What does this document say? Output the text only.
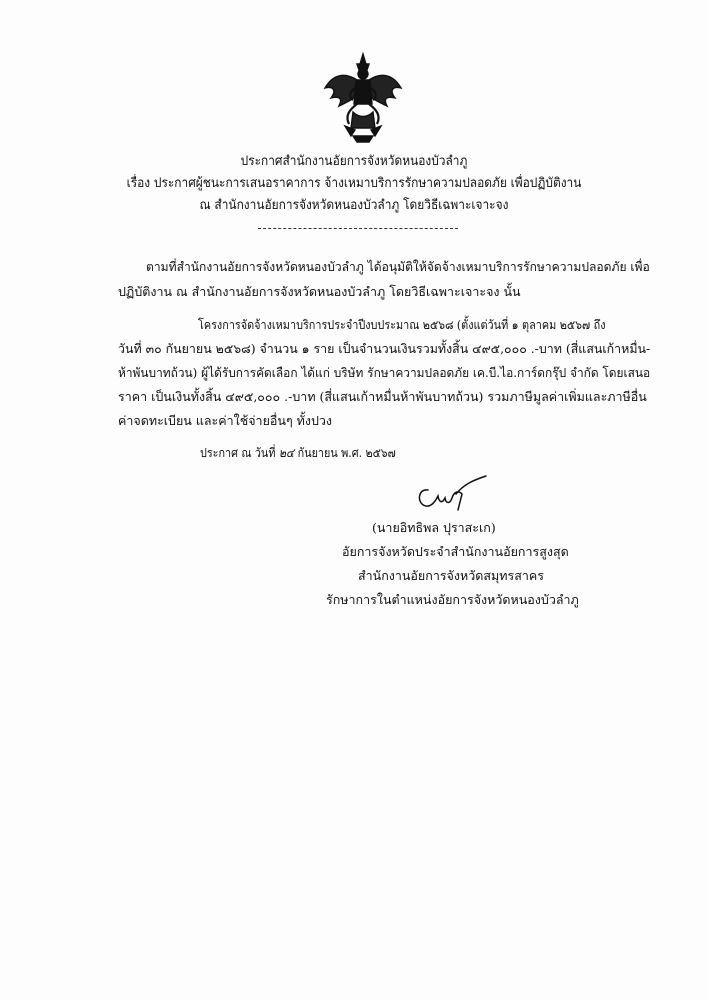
ประกาศสำนักงานอัยการจังหวัดหนองบัวลำภู
เรื่อง ประกาศผู้ชนะการเสนอราคาการ จ้างเหมาบริการรักษาความปลอดภัย เพื่อปฏิบัติงาน
ณ สำนักงานอัยการจังหวัดหนองบัวลำภู โดยวิธีเฉพาะเจาะจง
ตามที่สำนักงานอัยการจังหวัดหนองบัวลำภู ได้อนุมัติให้จัดจ้างเหมาบริการรักษาความปลอดภัย เพื่อ
ปฏิบัติงาน ณ สำนักงานอัยการจังหวัดหนองบัวลำภู โดยวิธีเฉพาะเจาะจง นั้น
โครงการจัดจ้างเหมาบริการประจำปีงบประมาณ ๒๕๖๘ (ตั้งแต่วันที่ ๑ ตุลาคม ๒๕๖๗ ถึง
วันที่ ๓๐ กันยายน ๒๕๖๘) จำนวน ๑ ราย เป็นจำนวนเงินรวมทั้งสิ้น ๔๙๕,๐๐๐ .-บาท (สี่แสนเก้าหมื่น-
ห้าพันบาทถ้วน) ผู้ได้รับการคัดเลือก ได้แก่ บริษัท รักษาความปลอดภัย เค.บี.ไอ.การ์ดกรุ๊ป จำกัด โดยเสนอ
ราคา เป็นเงินทั้งสิ้น ๔๙๕,๐๐๐ .-บาท (สี่แสนเก้าหมื่นห้าพันบาทถ้วน) รวมภาษีมูลค่าเพิ่มและภาษีอื่น
ค่าจดทะเบียน และค่าใช้จ่ายอื่นๆ ทั้งปวง
ประกาศ ณ วันที่ ๒๔ กันยายน พ.ศ. ๒๕๖๗
(นายอิทธิพล ปุราสะเก)
อัยการจังหวัดประจำสำนักงานอัยการสูงสุด
สำนักงานอัยการจังหวัดสมุทรสาคร
รักษาการในตำแหน่งอัยการจังหวัดหนองบัวลำภู
